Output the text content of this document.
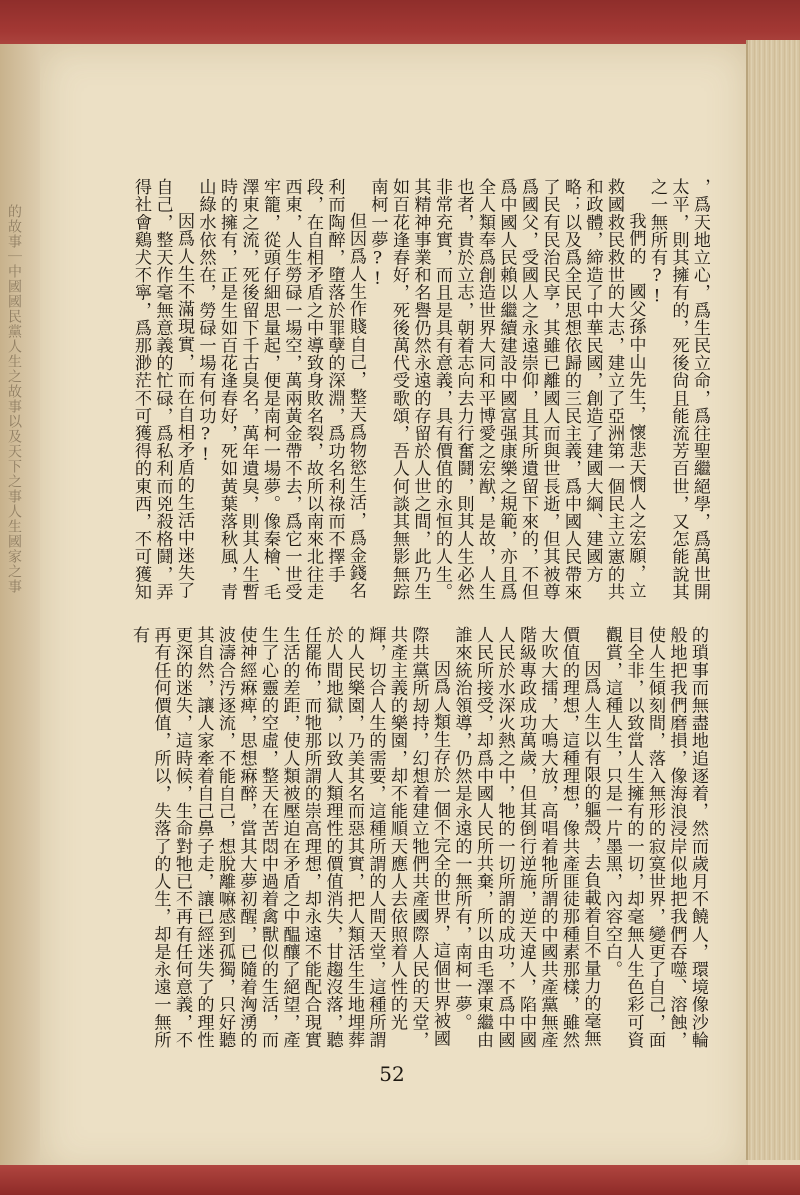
的故事｜中國國民黨人生之故事以及天下之事人生國家之事	，爲天地立心，爲生民立命，爲往聖繼絕學，爲萬世開太平，則其擁有的，死後尙且能流芳百世，又怎能說其之一無所有?!

我們的　國父孫中山先生，懷悲天憫人之宏願，立救國救民救世的大志，建立了亞洲第一個民主立憲的共和政體，締造了中華民國，創造了建國大綱、建國方略；以及爲全民思想依歸的三民主義，爲中國人民帶來了民有民治民享，其雖已離國人而與世長逝，但其被尊爲國父，受國人之永遠崇仰，且其所遺留下來的，不但爲中國人民賴以繼續建設中國富强康樂之規範，亦且爲全人類奉爲創造世界大同和平博愛之宏猷，是故，人生也者，貴於立志，朝着志向去力行奮鬪，則其人生必然非常充實，而且是具有意義，具有價值的永恒的人生。其精神事業和名譽仍然永遠的存留於人世之間，此乃生如百花逢春好，死後萬代受歌頌，吾人何談其無影無踪南柯一夢?!

但因爲人生作賤自己，整天爲物慾生活，爲金錢名利而陶醉，墮落於罪孽的深淵，爲功名利祿而不擇手段，在自相矛盾之中導致身敗名裂，故所以南來北往走西東，人生勞碌一場空，萬兩黃金帶不去，爲它一世受牢籠，從頭仔細思量起，便是南柯一場夢。像秦檜、毛澤東之流，死後留下千古臭名，萬年遺臭，則其人生暫時的擁有，正是生如百花逢春好，死如黃葉落秋風，青山綠水依然在，勞碌一場有何功?!

因爲人生不滿現實，而在自相矛盾的生活中迷失了自己，整天作毫無意義的忙碌，爲私利而兇殺格鬪，弄得社會鷄犬不寧，爲那渺茫不可獲得的東西，不可獲知

的瑣事而無盡地追逐着，然而歲月不饒人，環境像沙輪般地把我們磨損，像海浪浸岸似地把我們吞噬、溶蝕，使人生傾刻間，落入無形的寂寞世界，變更了自己，面目全非，以致當人生擁有的一切，却毫無人生色彩可資觀賞，這種人生，只是一片墨黑，內容空白。

因爲人生以有限的軀殼，去負載着自不量力的毫無價值的理想，這種理想，像共產匪徒那種素那樣，雖然大吹大擂，大鳴大放，高唱着牠所謂的中國共產黨無產階級專政成功萬歲，但其倒行逆施，逆天違人，陷中國人民於水深火熱之中，牠的一切所謂的成功，不爲中國人民所接受，却爲中國人民所共棄，所以由毛澤東繼由誰來統治領導，仍然是永遠的一無所有，南柯一夢。

因爲人類生存於一個不完全的世界，這個世界被國際共黨所刼持，幻想着建立牠們共產國際人民的天堂，共產主義的樂園，却不能順天應人去依照着人性的光輝，切合人生的需要，這種所謂的人間天堂，這種所謂的人民樂園，乃美其名而惡其實，把人類活生生地埋葬於人間地獄，以致人類理性的價值消失，甘趨沒落，聽任罷佈，而牠那所謂的崇高理想，却永遠不能配合現實生活的差距，使人類被壓迫在矛盾之中醖釀了絕望，產生了心靈的空虛，整天在苦悶中過着禽獸似的生活，而使神經痳痺，思想痳醉，當其大夢初醒，已隨着洶湧的波濤合汚逐流，不能自己，想脫離嘛感到孤獨，只好聽其自然，讓人家牽着自己鼻子走，讓已經迷失了的理性更深的迷失，這時候，生命對牠已不再有任何意義，不再有任何價值，所以，失落了的人生，却是永遠一無所有

52
